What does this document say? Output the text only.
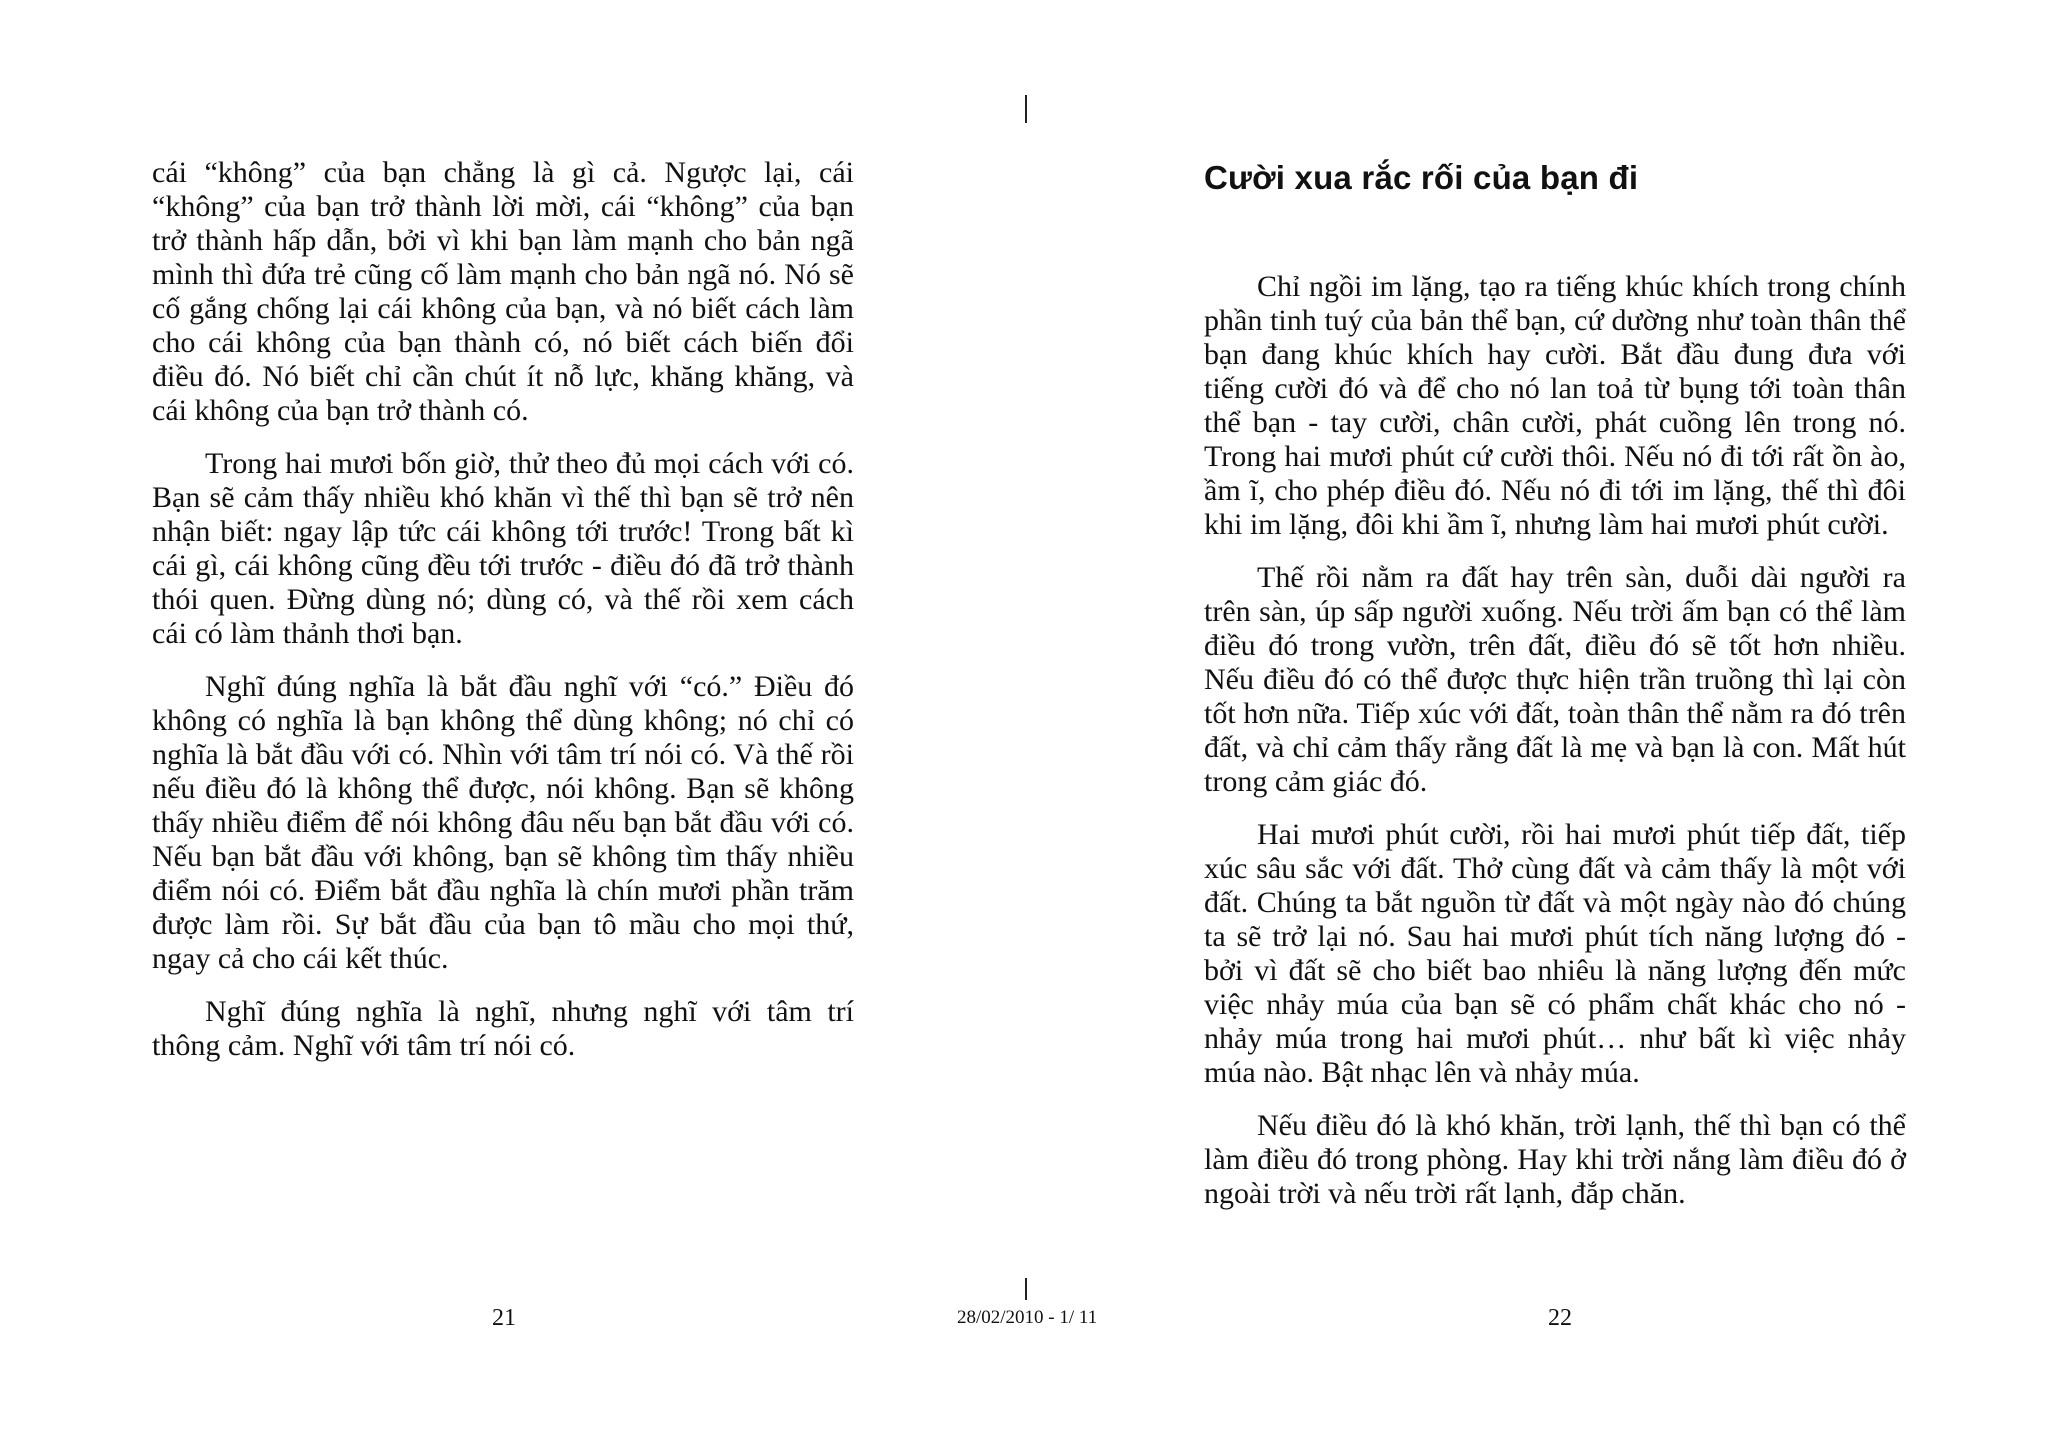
cái “không” của bạn chẳng là gì cả. Ngược lại, cái “không” của bạn trở thành lời mời, cái “không” của bạn trở thành hấp dẫn, bởi vì khi bạn làm mạnh cho bản ngã mình thì đứa trẻ cũng cố làm mạnh cho bản ngã nó. Nó sẽ cố gắng chống lại cái không của bạn, và nó biết cách làm cho cái không của bạn thành có, nó biết cách biến đổi điều đó. Nó biết chỉ cần chút ít nỗ lực, khăng khăng, và cái không của bạn trở thành có.

Trong hai mươi bốn giờ, thử theo đủ mọi cách với có. Bạn sẽ cảm thấy nhiều khó khăn vì thế thì bạn sẽ trở nên nhận biết: ngay lập tức cái không tới trước! Trong bất kì cái gì, cái không cũng đều tới trước - điều đó đã trở thành thói quen. Đừng dùng nó; dùng có, và thế rồi xem cách cái có làm thảnh thơi bạn.

Nghĩ đúng nghĩa là bắt đầu nghĩ với “có.” Điều đó không có nghĩa là bạn không thể dùng không; nó chỉ có nghĩa là bắt đầu với có. Nhìn với tâm trí nói có. Và thế rồi nếu điều đó là không thể được, nói không. Bạn sẽ không thấy nhiều điểm để nói không đâu nếu bạn bắt đầu với có. Nếu bạn bắt đầu với không, bạn sẽ không tìm thấy nhiều điểm nói có. Điểm bắt đầu nghĩa là chín mươi phần trăm được làm rồi. Sự bắt đầu của bạn tô mầu cho mọi thứ, ngay cả cho cái kết thúc.

Nghĩ đúng nghĩa là nghĩ, nhưng nghĩ với tâm trí thông cảm. Nghĩ với tâm trí nói có.

Cười xua rắc rối của bạn đi

Chỉ ngồi im lặng, tạo ra tiếng khúc khích trong chính phần tinh tuý của bản thể bạn, cứ dường như toàn thân thể bạn đang khúc khích hay cười. Bắt đầu đung đưa với tiếng cười đó và để cho nó lan toả từ bụng tới toàn thân thể bạn - tay cười, chân cười, phát cuồng lên trong nó. Trong hai mươi phút cứ cười thôi. Nếu nó đi tới rất ồn ào, ầm ĩ, cho phép điều đó. Nếu nó đi tới im lặng, thế thì đôi khi im lặng, đôi khi ầm ĩ, nhưng làm hai mươi phút cười.

Thế rồi nằm ra đất hay trên sàn, duỗi dài người ra trên sàn, úp sấp người xuống. Nếu trời ấm bạn có thể làm điều đó trong vườn, trên đất, điều đó sẽ tốt hơn nhiều. Nếu điều đó có thể được thực hiện trần truồng thì lại còn tốt hơn nữa. Tiếp xúc với đất, toàn thân thể nằm ra đó trên đất, và chỉ cảm thấy rằng đất là mẹ và bạn là con. Mất hút trong cảm giác đó.

Hai mươi phút cười, rồi hai mươi phút tiếp đất, tiếp xúc sâu sắc với đất. Thở cùng đất và cảm thấy là một với đất. Chúng ta bắt nguồn từ đất và một ngày nào đó chúng ta sẽ trở lại nó. Sau hai mươi phút tích năng lượng đó - bởi vì đất sẽ cho biết bao nhiêu là năng lượng đến mức việc nhảy múa của bạn sẽ có phẩm chất khác cho nó - nhảy múa trong hai mươi phút… như bất kì việc nhảy múa nào. Bật nhạc lên và nhảy múa.

Nếu điều đó là khó khăn, trời lạnh, thế thì bạn có thể làm điều đó trong phòng. Hay khi trời nắng làm điều đó ở ngoài trời và nếu trời rất lạnh, đắp chăn.

21	28/02/2010 - 1/ 11	22
